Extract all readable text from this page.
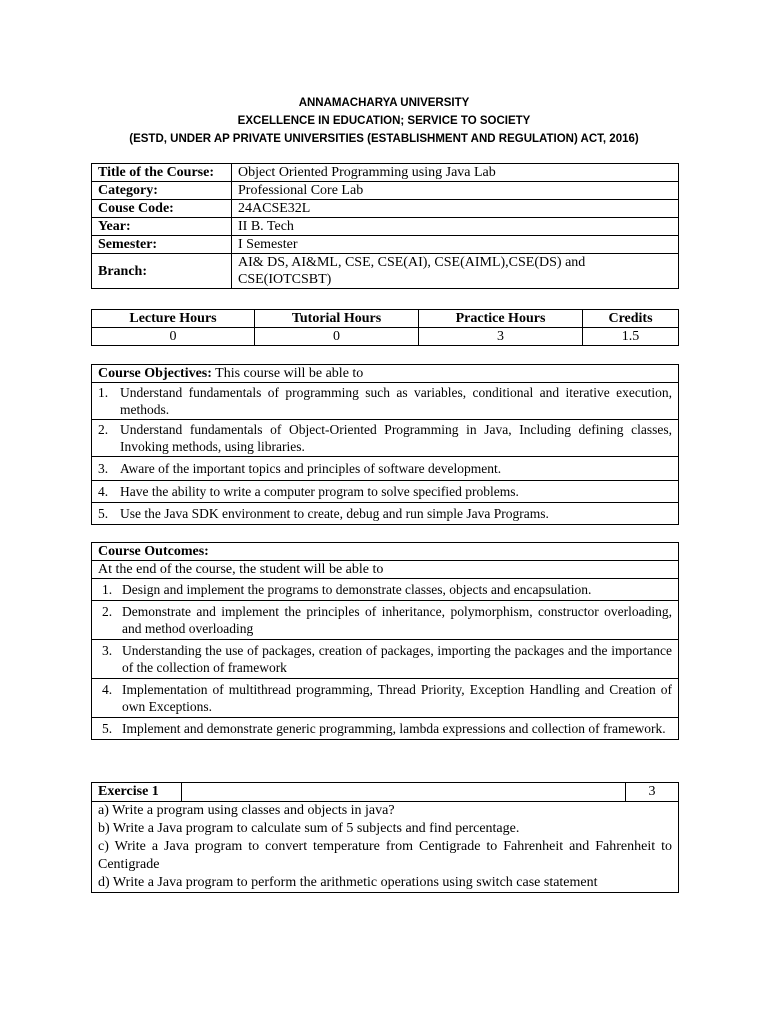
ANNAMACHARYA UNIVERSITY
EXCELLENCE IN EDUCATION; SERVICE TO SOCIETY
(ESTD, UNDER AP PRIVATE UNIVERSITIES (ESTABLISHMENT AND REGULATION) ACT, 2016)
Title of the Course:	Object Oriented Programming using Java Lab
Category:	Professional Core Lab
Couse Code:	24ACSE32L
Year:	II B. Tech
Semester:	I Semester
Branch:	AI& DS, AI&ML, CSE, CSE(AI), CSE(AIML),CSE(DS) and CSE(IOTCSBT)
Lecture Hours	Tutorial Hours	Practice Hours	Credits
0	0	3	1.5
Course Objectives: This course will be able to

1. Understand fundamentals of programming such as variables, conditional and iterative execution, methods.

2. Understand fundamentals of Object-Oriented Programming in Java, Including defining classes, Invoking methods, using libraries.

3. Aware of the important topics and principles of software development.

4. Have the ability to write a computer program to solve specified problems.

5. Use the Java SDK environment to create, debug and run simple Java Programs.
Course Outcomes:
At the end of the course, the student will be able to

1. Design and implement the programs to demonstrate classes, objects and encapsulation.

2. Demonstrate and implement the principles of inheritance, polymorphism, constructor overloading, and method overloading

3. Understanding the use of packages, creation of packages, importing the packages and the importance of the collection of framework

4. Implementation of multithread programming, Thread Priority, Exception Handling and Creation of own Exceptions.

5. Implement and demonstrate generic programming, lambda expressions and collection of framework.
Exercise 1		3

a) Write a program using classes and objects in java?
b) Write a Java program to calculate sum of 5 subjects and find percentage.
c) Write a Java program to convert temperature from Centigrade to Fahrenheit and Fahrenheit to Centigrade
d) Write a Java program to perform the arithmetic operations using switch case statement
